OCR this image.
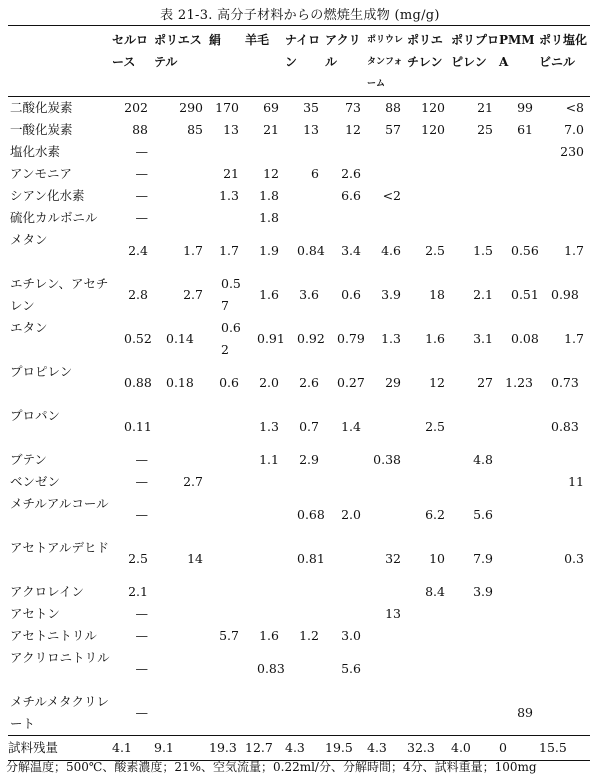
表 21-3. 高分子材料からの燃焼生成物 (mg/g)

	セルロース	ポリエステル	絹	羊毛	ナイロン	アクリル	ポリウレタンフォーム	ポリエチレン	ポリプロピレン	PMMA	ポリ塩化ビニル

二酸化炭素	202	290	170	69	35	73	88	120	21	99	<8
一酸化炭素	88	85	13	21	13	12	57	120	25	61	7.0
塩化水素	—										230
アンモニア	—		21	12	6	2.6					
シアン化水素	—		1.3	1.8		6.6	<2				
硫化カルボニル	—			1.8							
メタン	2.4	1.7	1.7	1.9	0.84	3.4	4.6	2.5	1.5	0.56	1.7
エチレン、アセチレン	2.8	2.7	0.57	1.6	3.6	0.6	3.9	18	2.1	0.51	0.98
エタン	0.52	0.14	0.62	0.91	0.92	0.79	1.3	1.6	3.1	0.08	1.7
プロピレン	0.88	0.18	0.6	2.0	2.6	0.27	29	12	27	1.23	0.73
プロパン	0.11			1.3	0.7	1.4		2.5			0.83
ブテン	—			1.1	2.9		0.38		4.8		
ベンゼン	—	2.7									11
メチルアルコール	—				0.68	2.0		6.2	5.6		
アセトアルデヒド	2.5	14			0.81		32	10	7.9		0.3
アクロレイン	2.1							8.4	3.9		
アセトン	—						13				
アセトニトリル	—		5.7	1.6	1.2	3.0					
アクリロニトリル	—			0.83		5.6					
メチルメタクリレート	—									89	
試料残量	4.1	9.1	19.3	12.7	4.3	19.5	4.3	32.3	4.0	0	15.5
分解温度；500℃、酸素濃度；21%、空気流量；0.22ml/分、分解時間；4分、試料重量；100mg
